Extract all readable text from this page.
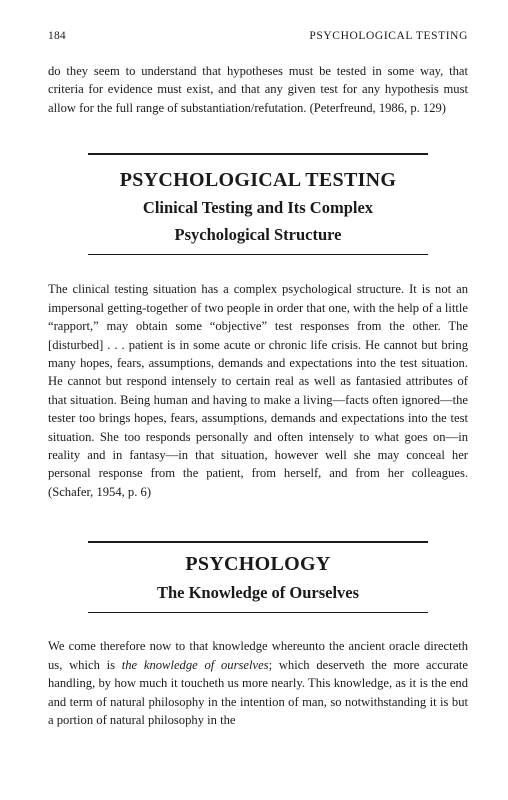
184	PSYCHOLOGICAL TESTING

do they seem to understand that hypotheses must be tested in some way, that criteria for evidence must exist, and that any given test for any hypothesis must allow for the full range of substantiation/refutation. (Peterfreund, 1986, p. 129)

PSYCHOLOGICAL TESTING
Clinical Testing and Its Complex
Psychological Structure

The clinical testing situation has a complex psychological structure. It is not an impersonal getting-together of two people in order that one, with the help of a little “rapport,” may obtain some “objective” test responses from the other. The [disturbed] . . . patient is in some acute or chronic life crisis. He cannot but bring many hopes, fears, assumptions, demands and expectations into the test situation. He cannot but respond intensely to certain real as well as fantasied attributes of that situation. Being human and having to make a living—facts often ignored—the tester too brings hopes, fears, assumptions, demands and expectations into the test situation. She too responds personally and often intensely to what goes on—in reality and in fantasy—in that situation, however well she may conceal her personal response from the patient, from herself, and from her colleagues. (Schafer, 1954, p. 6)

PSYCHOLOGY
The Knowledge of Ourselves

We come therefore now to that knowledge whereunto the ancient oracle directeth us, which is the knowledge of ourselves; which deserveth the more accurate handling, by how much it toucheth us more nearly. This knowledge, as it is the end and term of natural philosophy in the intention of man, so notwithstanding it is but a portion of natural philosophy in the
